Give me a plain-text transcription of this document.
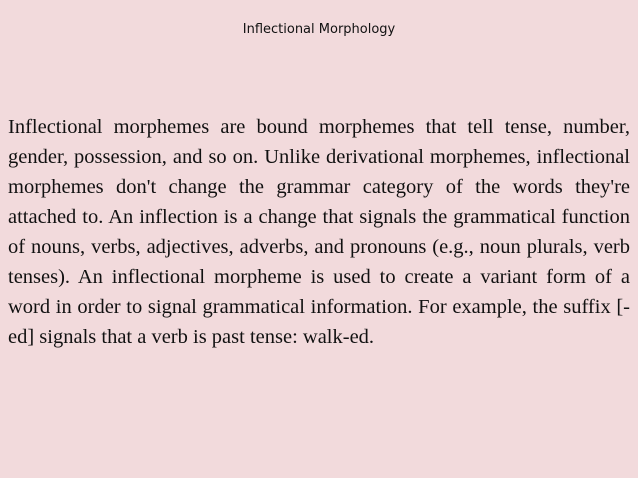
Inflectional Morphology

Inflectional morphemes are bound morphemes that tell tense, number, gender, possession, and so on. Unlike derivational morphemes, inflectional morphemes don't change the grammar category of the words they're attached to. An inflection is a change that signals the grammatical function of nouns, verbs, adjectives, adverbs, and pronouns (e.g., noun plurals, verb tenses). An inflectional morpheme is used to create a variant form of a word in order to signal grammatical information. For example, the suffix [-ed] signals that a verb is past tense: walk-ed.
